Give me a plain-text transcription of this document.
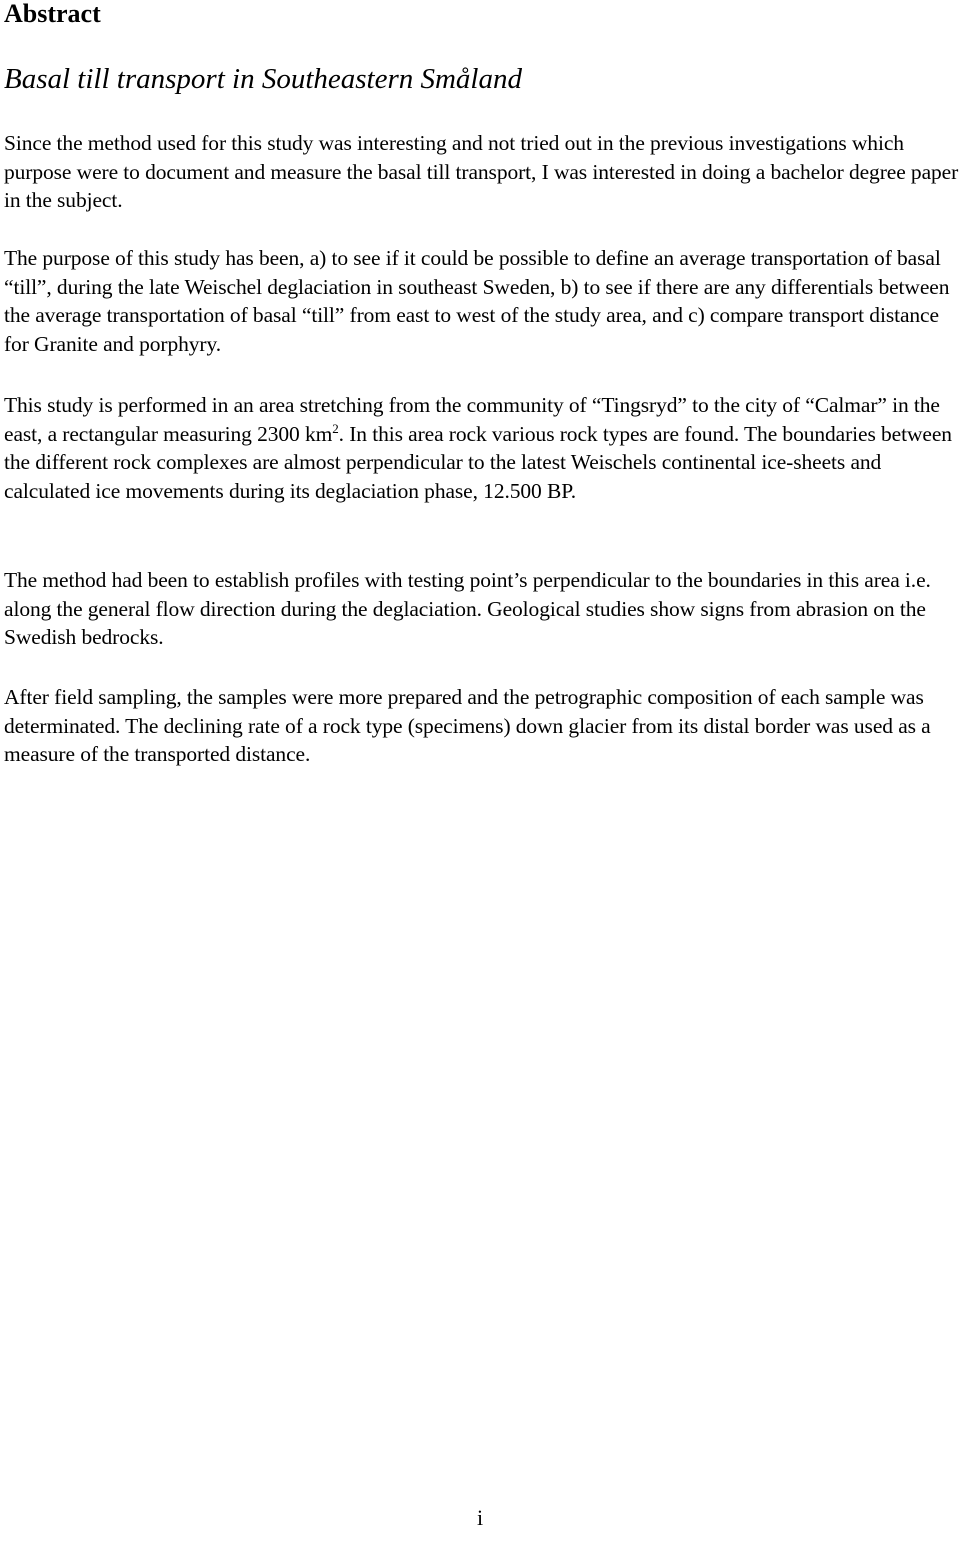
Abstract
Basal till transport in Southeastern Småland

Since the method used for this study was interesting and not tried out in the previous investigations which purpose were to document and measure the basal till transport, I was interested in doing a bachelor degree paper in the subject.

The purpose of this study has been, a) to see if it could be possible to define an average transportation of basal “till”, during the late Weischel deglaciation in southeast Sweden, b) to see if there are any differentials between the average transportation of basal “till” from east to west of the study area, and c) compare transport distance for Granite and porphyry.

This study is performed in an area stretching from the community of “Tingsryd” to the city of “Calmar” in the east, a rectangular measuring 2300 $km^2$. In this area rock various rock types are found. The boundaries between the different rock complexes are almost perpendicular to the latest Weischels continental ice-sheets and calculated ice movements during its deglaciation phase, 12.500 BP.

The method had been to establish profiles with testing point’s perpendicular to the boundaries in this area i.e. along the general flow direction during the deglaciation. Geological studies show signs from abrasion on the Swedish bedrocks.

After field sampling, the samples were more prepared and the petrographic composition of each sample was determinated. The declining rate of a rock type (specimens) down glacier from its distal border was used as a measure of the transported distance.

i
